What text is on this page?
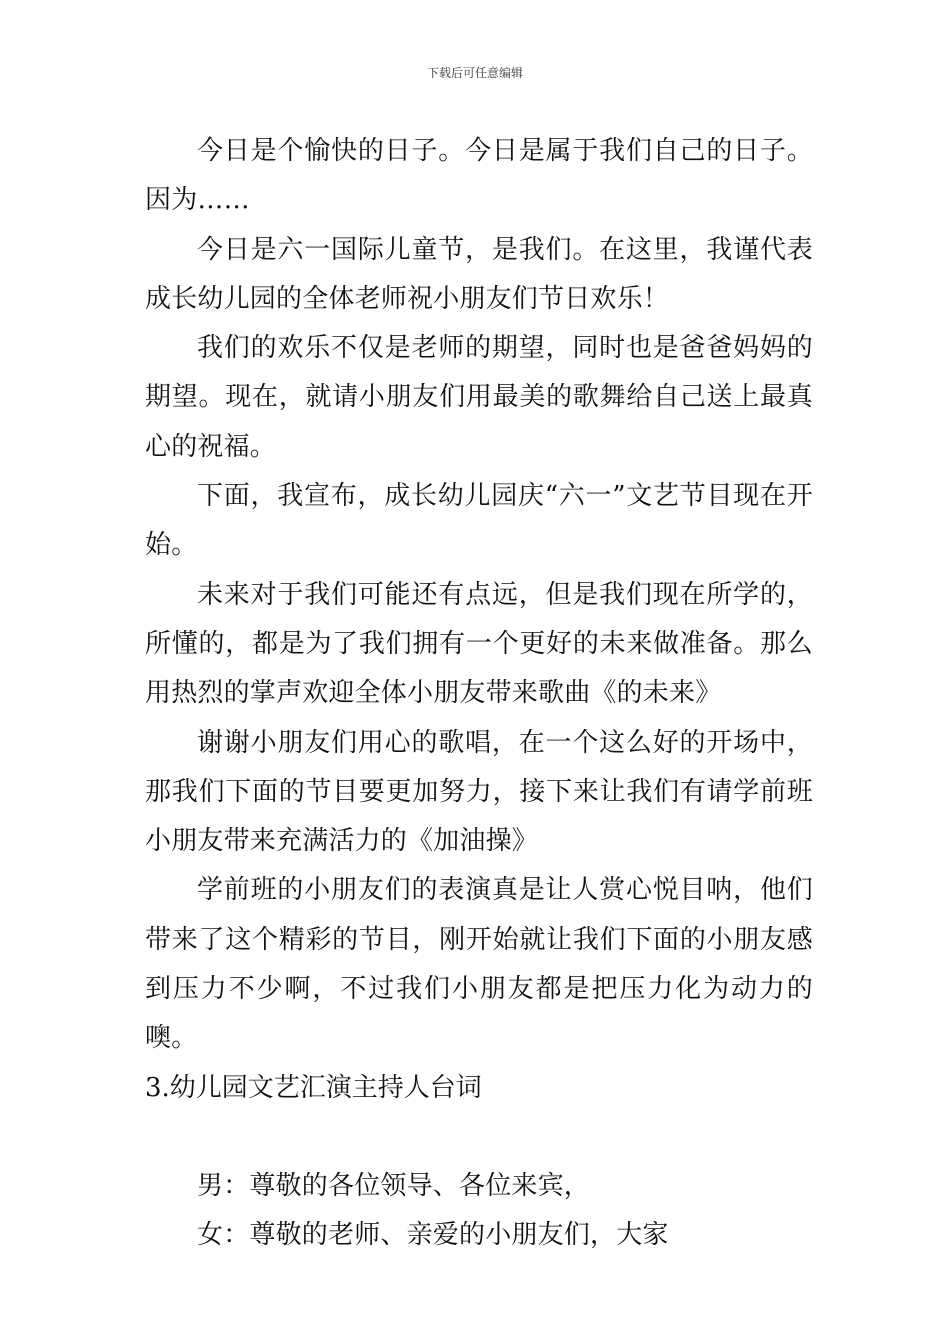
下载后可任意编辑

今日是个愉快的日子。今日是属于我们自己的日子。因为……

今日是六一国际儿童节，是我们。在这里，我谨代表成长幼儿园的全体老师祝小朋友们节日欢乐！

我们的欢乐不仅是老师的期望，同时也是爸爸妈妈的期望。现在，就请小朋友们用最美的歌舞给自己送上最真心的祝福。

下面，我宣布，成长幼儿园庆“六一”文艺节目现在开始。

未来对于我们可能还有点远，但是我们现在所学的，所懂的，都是为了我们拥有一个更好的未来做准备。那么用热烈的掌声欢迎全体小朋友带来歌曲《的未来》

谢谢小朋友们用心的歌唱，在一个这么好的开场中，那我们下面的节目要更加努力，接下来让我们有请学前班小朋友带来充满活力的《加油操》

学前班的小朋友们的表演真是让人赏心悦目呐，他们带来了这个精彩的节目，刚开始就让我们下面的小朋友感到压力不少啊，不过我们小朋友都是把压力化为动力的噢。

3.幼儿园文艺汇演主持人台词

男：尊敬的各位领导、各位来宾，

女：尊敬的老师、亲爱的小朋友们，大家
